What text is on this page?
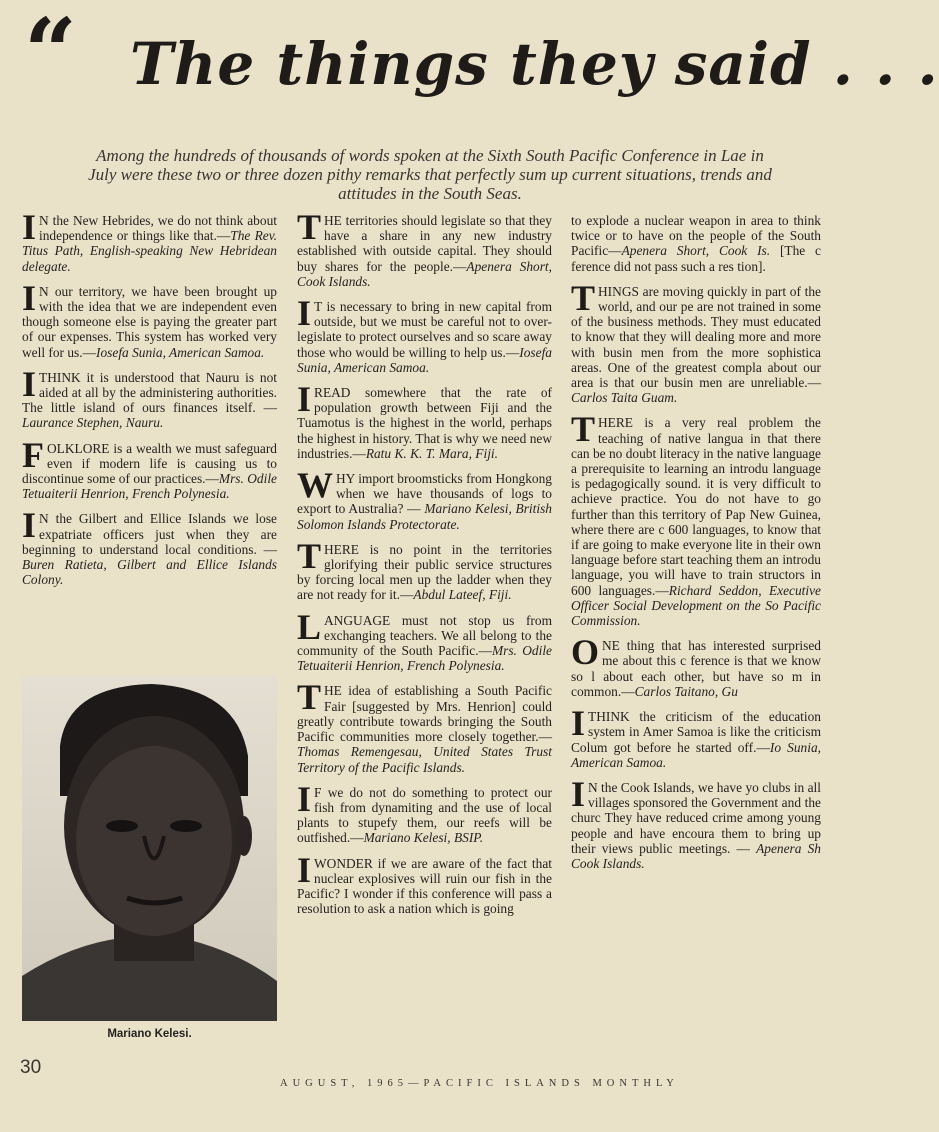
“ The things they said . . .
Among the hundreds of thousands of words spoken at the Sixth South Pacific Conference in Lae in July were these two or three dozen pithy remarks that perfectly sum up current situations, trends and attitudes in the South Seas.

I N the New Hebrides, we do not think about independence or things like that.—The Rev. Titus Path, English-speaking New Hebridean delegate.

I N our territory, we have been brought up with the idea that we are independent even though someone else is paying the greater part of our expenses. This system has worked very well for us.—Iosefa Sunia, American Samoa.

I THINK it is understood that Nauru is not aided at all by the administering authorities. The little island of ours finances itself. — Laurance Stephen, Nauru.

FOLKLORE is a wealth we must safeguard even if modern life is causing us to discontinue some of our practices.—Mrs. Odile Tetuaiterii Henrion, French Polynesia.

I N the Gilbert and Ellice Islands we lose expatriate officers just when they are beginning to understand local conditions. — Buren Ratieta, Gilbert and Ellice Islands Colony.

Mariano Kelesi.

THE territories should legislate so that they have a share in any new industry established with outside capital. They should buy shares for the people.—Apenera Short, Cook Islands.

I T is necessary to bring in new capital from outside, but we must be careful not to over-legislate to protect ourselves and so scare away those who would be willing to help us.—Iosefa Sunia, American Samoa.

I READ somewhere that the rate of population growth between Fiji and the Tuamotus is the highest in the world, perhaps the highest in history. That is why we need new industries.—Ratu K. K. T. Mara, Fiji.

WHY import broomsticks from Hongkong when we have thousands of logs to export to Australia? — Mariano Kelesi, British Solomon Islands Protectorate.

THERE is no point in the territories glorifying their public service structures by forcing local men up the ladder when they are not ready for it.—Abdul Lateef, Fiji.

LANGUAGE must not stop us from exchanging teachers. We all belong to the community of the South Pacific.—Mrs. Odile Tetuaiterii Henrion, French Polynesia.

THE idea of establishing a South Pacific Fair [suggested by Mrs. Henrion] could greatly contribute towards bringing the South Pacific communities more closely together.—Thomas Remengesau, United States Trust Territory of the Pacific Islands.

I F we do not do something to protect our fish from dynamiting and the use of local plants to stupefy them, our reefs will be outfished.—Mariano Kelesi, BSIP.

I WONDER if we are aware of the fact that nuclear explosives will ruin our fish in the Pacific? I wonder if this conference will pass a resolution to ask a nation which is going

to explode a nuclear weapon in area to think twice or to have on the people of the South Pacific—Apenera Short, Cook Is. [The c ference did not pass such a res tion].

THINGS are moving quickly in part of the world, and our pe are not trained in some of the business methods. They must educated to know that they will dealing more and more with busin men from the more sophistica areas. One of the greatest compla about our area is that our busin men are unreliable.—Carlos Taita Guam.

THERE is a very real problem the teaching of native langua in that there can be no doubt literacy in the native language a prerequisite to learning an introdu language is pedagogically sound. it is very difficult to achieve practice. You do not have to go further than this territory of Pap New Guinea, where there are c 600 languages, to know that if are going to make everyone lite in their own language before start teaching them an introdu language, you will have to train structors in 600 languages.—Richard Seddon, Executive Officer Social Development on the So Pacific Commission.

ONE thing that has interested surprised me about this c ference is that we know so l about each other, but have so m in common.—Carlos Taitano, Gu

I THINK the criticism of the education system in Amer Samoa is like the criticism Colum got before he started off.—Io Sunia, American Samoa.

I N the Cook Islands, we have yo clubs in all villages sponsored the Government and the churc They have reduced crime among young people and have encoura them to bring up their views public meetings. — Apenera Sh Cook Islands.

30
AUGUST, 1965—PACIFIC ISLANDS MONTHLY
